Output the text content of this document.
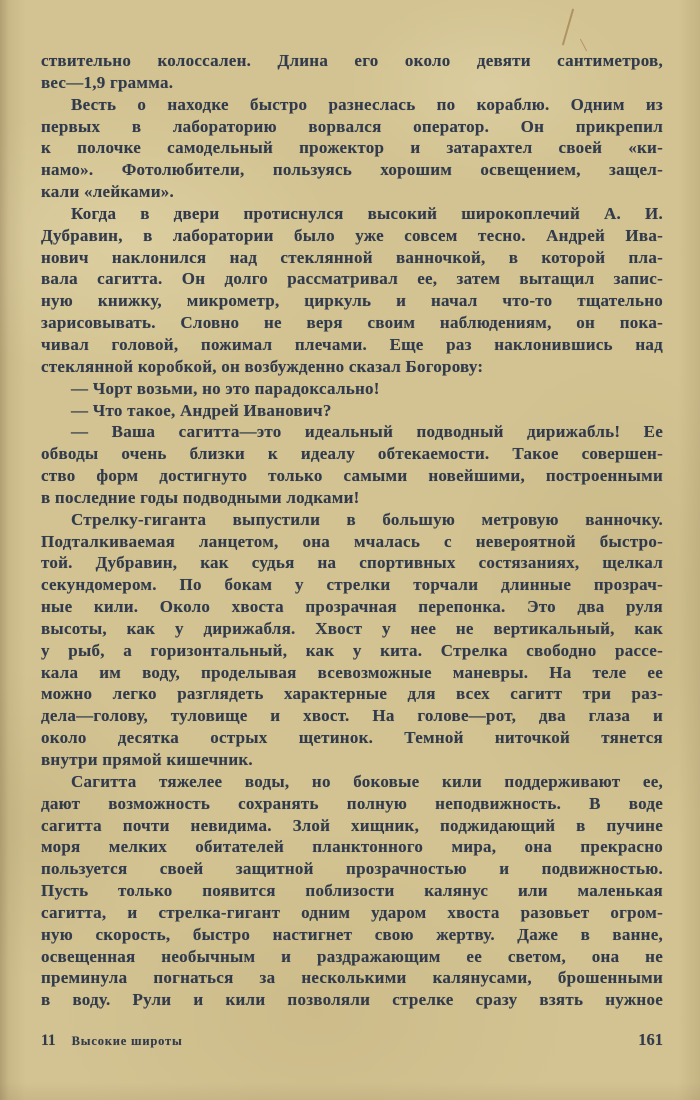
ствительно колоссален. Длина его около девяти сантиметров,
вес—1,9 грамма.
Весть о находке быстро разнеслась по кораблю. Одним из
первых в лабораторию ворвался оператор. Он прикрепил
к полочке самодельный прожектор и затарахтел своей «ки-
намо». Фотолюбители, пользуясь хорошим освещением, защел-
кали «лейками».
Когда в двери протиснулся высокий широкоплечий А. И.
Дубравин, в лаборатории было уже совсем тесно. Андрей Ива-
нович наклонился над стеклянной ванночкой, в которой пла-
вала сагитта. Он долго рассматривал ее, затем вытащил запис-
ную книжку, микрометр, циркуль и начал что-то тщательно
зарисовывать. Словно не веря своим наблюдениям, он пока-
чивал головой, пожимал плечами. Еще раз наклонившись над
стеклянной коробкой, он возбужденно сказал Богорову:
— Чорт возьми, но это парадоксально!
— Что такое, Андрей Иванович?
— Ваша сагитта—это идеальный подводный дирижабль! Ее
обводы очень близки к идеалу обтекаемости. Такое совершен-
ство форм достигнуто только самыми новейшими, построенными
в последние годы подводными лодками!
Стрелку-гиганта выпустили в большую метровую ванночку.
Подталкиваемая ланцетом, она мчалась с невероятной быстро-
той. Дубравин, как судья на спортивных состязаниях, щелкал
секундомером. По бокам у стрелки торчали длинные прозрач-
ные кили. Около хвоста прозрачная перепонка. Это два руля
высоты, как у дирижабля. Хвост у нее не вертикальный, как
у рыб, а горизонтальный, как у кита. Стрелка свободно рассе-
кала им воду, проделывая всевозможные маневры. На теле ее
можно легко разглядеть характерные для всех сагитт три раз-
дела—голову, туловище и хвост. На голове—рот, два глаза и
около десятка острых щетинок. Темной ниточкой тянется
внутри прямой кишечник.
Сагитта тяжелее воды, но боковые кили поддерживают ее,
дают возможность сохранять полную неподвижность. В воде
сагитта почти невидима. Злой хищник, поджидающий в пучине
моря мелких обитателей планктонного мира, она прекрасно
пользуется своей защитной прозрачностью и подвижностью.
Пусть только появится поблизости калянус или маленькая
сагитта, и стрелка-гигант одним ударом хвоста разовьет огром-
ную скорость, быстро настигнет свою жертву. Даже в ванне,
освещенная необычным и раздражающим ее светом, она не
преминула погнаться за несколькими калянусами, брошенными
в воду. Рули и кили позволяли стрелке сразу взять нужное
11 Высокие широты	161
